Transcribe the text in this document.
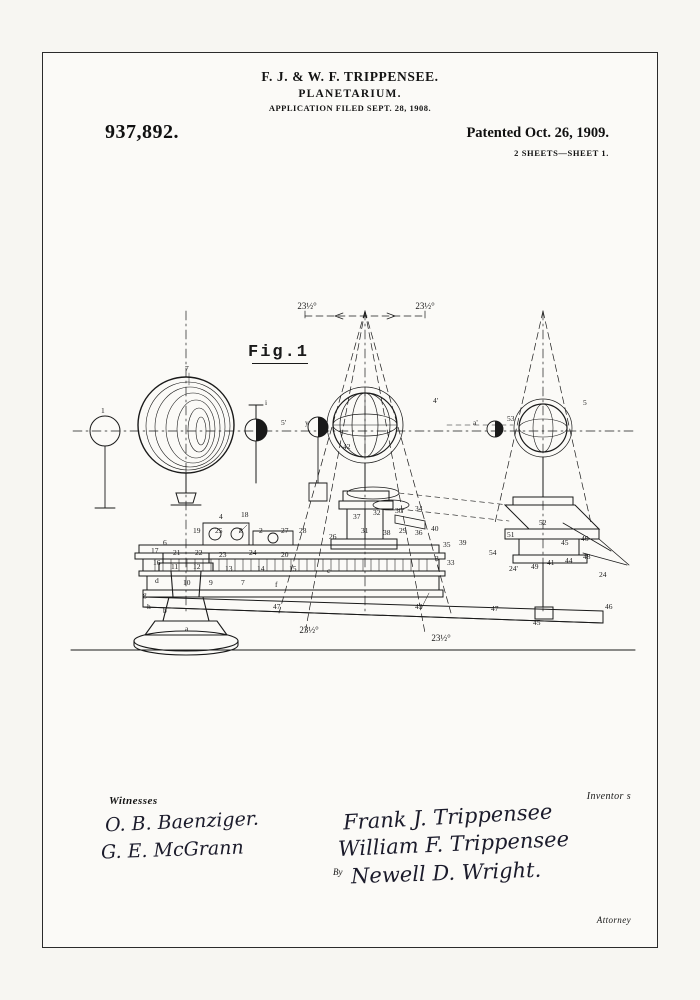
F. J. & W. F. TRIPPENSEE.
PLANETARIUM.
APPLICATION FILED SEPT. 28, 1908.
937,892.	Patented Oct. 26, 1909.
2 SHEETS—SHEET 1.
Fig.1
7
1
i
5'	y
42
4'
a'	53
5
4 18
19 25 8 2 27 28
26
6
17 21 22 23	24	20
16 11 12	13	14	15	c
d	10 9	7	f
g
h b	47
a
37 32 30 34
31 38 29 36 40
35 39
3 33
43	47
51
52
54
24' 49 41 44 48
45 46
24
46
45
23½°	23½°
23½°
23½°
Witnesses	Inventor s
O. B. Baenziger.
G. E. McGrann
Frank J. Trippensee
William F. Trippensee
By Newell D. Wright.
Attorney
